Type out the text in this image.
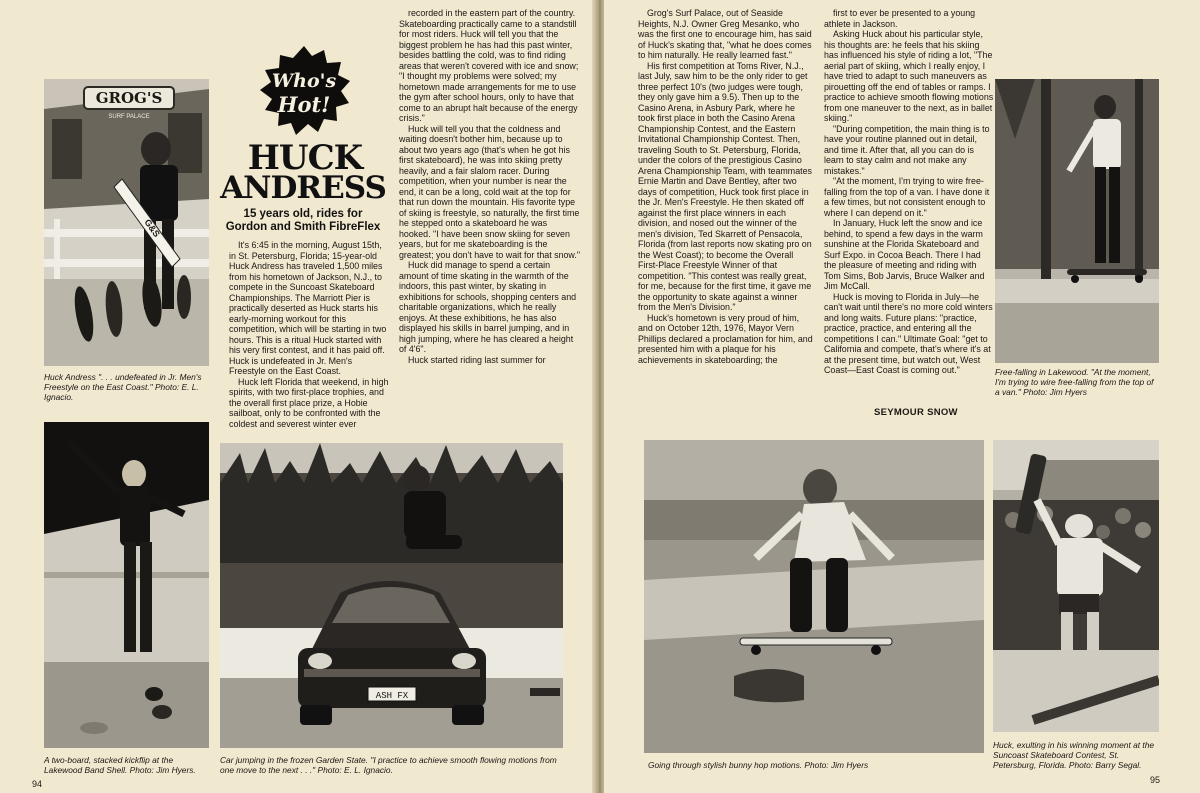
GROG'S
SURF PALACE
G&S
Huck Andress ". . . undefeated in Jr. Men's Freestyle on the East Coast." Photo: E. L. Ignacio.
Who's
Hot!
HUCK
ANDRESS
15 years old, rides for
Gordon and Smith FibreFlex

It's 6:45 in the morning, August 15th, in St. Petersburg, Florida; 15-year-old Huck Andress has traveled 1,500 miles from his hometown of Jackson, N.J., to compete in the Suncoast Skateboard Championships. The Marriott Pier is practically deserted as Huck starts his early-morning workout for this competition, which will be starting in two hours. This is a ritual Huck started with his very first contest, and it has paid off. Huck is undefeated in Jr. Men's Freestyle on the East Coast.

Huck left Florida that weekend, in high spirits, with two first-place trophies, and the overall first place prize, a Hobie sailboat, only to be confronted with the coldest and severest winter ever

recorded in the eastern part of the country. Skateboarding practically came to a standstill for most riders. Huck will tell you that the biggest problem he has had this past winter, besides battling the cold, was to find riding areas that weren't covered with ice and snow; "I thought my problems were solved; my hometown made arrangements for me to use the gym after school hours, only to have that come to an abrupt halt because of the energy crisis."

Huck will tell you that the coldness and waiting doesn't bother him, because up to about two years ago (that's when he got his first skateboard), he was into skiing pretty heavily, and a fair slalom racer. During competition, when your number is near the end, it can be a long, cold wait at the top for that run down the mountain. His favorite type of skiing is freestyle, so naturally, the first time he stepped onto a skateboard he was hooked. "I have been snow skiing for seven years, but for me skateboarding is the greatest; you don't have to wait for that snow."

Huck did manage to spend a certain amount of time skating in the warmth of the indoors, this past winter, by skating in exhibitions for schools, shopping centers and charitable organizations, which he really enjoys. At these exhibitions, he has also displayed his skills in barrel jumping, and in high jumping, where he has cleared a height of 4'6".

Huck started riding last summer for

A two-board, stacked kickflip at the Lakewood Band Shell. Photo: Jim Hyers.
ASH FX
Car jumping in the frozen Garden State. "I practice to achieve smooth flowing motions from one move to the next . . ." Photo: E. L. Ignacio.
94

Grog's Surf Palace, out of Seaside Heights, N.J. Owner Greg Mesanko, who was the first one to encourage him, has said of Huck's skating that, "what he does comes to him naturally. He really learned fast."

His first competition at Toms River, N.J., last July, saw him to be the only rider to get three perfect 10's (two judges were tough, they only gave him a 9.5). Then up to the Casino Arena, in Asbury Park, where he took first place in both the Casino Arena Championship Contest, and the Eastern Invitational Championship Contest. Then, traveling South to St. Petersburg, Florida, under the colors of the prestigious Casino Arena Championship Team, with teammates Ernie Martin and Dave Bentley, after two days of competition, Huck took first place in the Jr. Men's Freestyle. He then skated off against the first place winners in each division, and nosed out the winner of the men's division, Ted Skarrett of Pensacola, Florida (from last reports now skating pro on the West Coast); to become the Overall First-Place Freestyle Winner of that competition. "This contest was really great, for me, because for the first time, it gave me the opportunity to skate against a winner from the Men's Division."

Huck's hometown is very proud of him, and on October 12th, 1976, Mayor Vern Phillips declared a proclamation for him, and presented him with a plaque for his achievements in skateboarding; the

first to ever be presented to a young athlete in Jackson.

Asking Huck about his particular style, his thoughts are: he feels that his skiing has influenced his style of riding a lot, "The aerial part of skiing, which I really enjoy, I have tried to adapt to such maneuvers as pirouetting off the end of tables or ramps. I practice to achieve smooth flowing motions from one maneuver to the next, as in ballet skiing."

"During competition, the main thing is to have your routine planned out in detail, and time it. After that, all you can do is learn to stay calm and not make any mistakes."

"At the moment, I'm trying to wire free-falling from the top of a van. I have done it a few times, but not consistent enough to where I can depend on it."

In January, Huck left the snow and ice behind, to spend a few days in the warm sunshine at the Florida Skateboard and Surf Expo. in Cocoa Beach. There I had the pleasure of meeting and riding with Tom Sims, Bob Jarvis, Bruce Walker and Jim McCall.

Huck is moving to Florida in July—he can't wait until there's no more cold winters and long waits. Future plans: "practice, practice, practice, and entering all the competitions I can." Ultimate Goal: "get to California and compete, that's where it's at at the present time, but watch out, West Coast—East Coast is coming out."

SEYMOUR SNOW
Free-falling in Lakewood. "At the moment, I'm trying to wire free-falling from the top of a van." Photo: Jim Hyers
Going through stylish bunny hop motions. Photo: Jim Hyers
Huck, exulting in his winning moment at the Suncoast Skateboard Contest, St. Petersburg, Florida. Photo: Barry Segal.
95
